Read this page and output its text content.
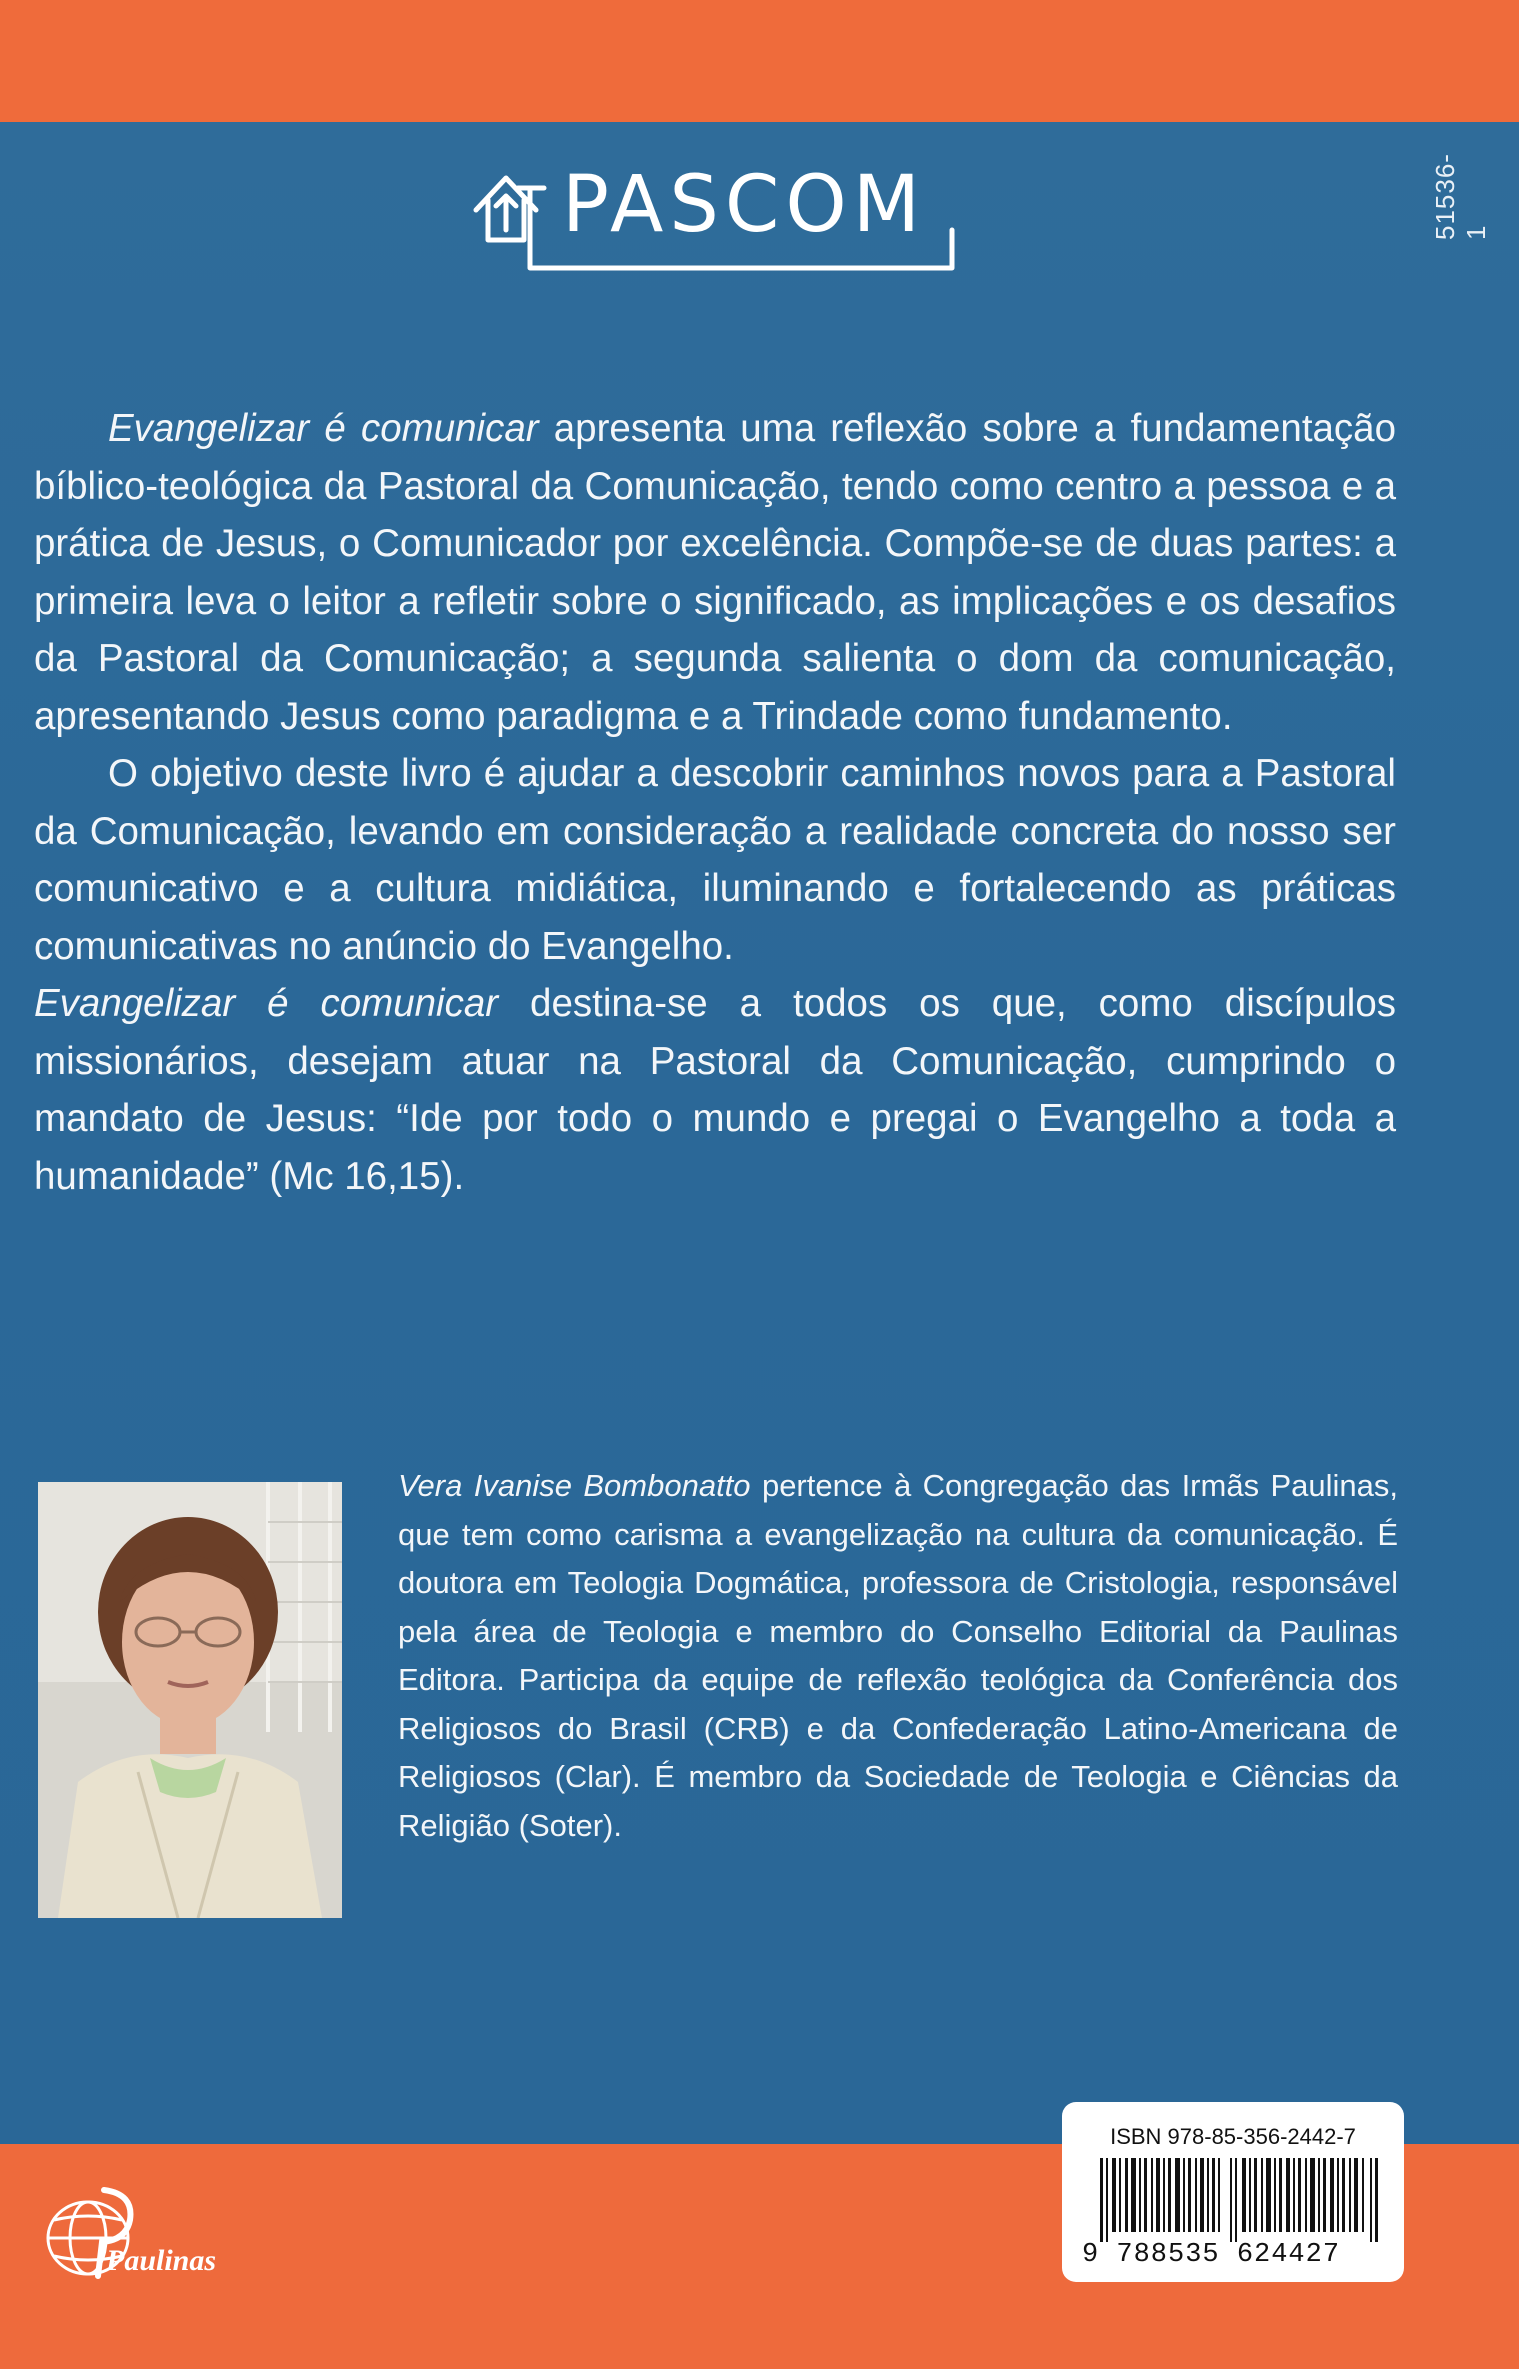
PASCOM	51536-1

Evangelizar é comunicar apresenta uma reflexão sobre a fundamentação bíblico-teológica da Pastoral da Comunicação, tendo como centro a pessoa e a prática de Jesus, o Comunicador por excelência. Compõe-se de duas partes: a primeira leva o leitor a refletir sobre o significado, as implicações e os desafios da Pastoral da Comunicação; a segunda salienta o dom da comunicação, apresentando Jesus como paradigma e a Trindade como fundamento.

O objetivo deste livro é ajudar a descobrir caminhos novos para a Pastoral da Comunicação, levando em consideração a realidade concreta do nosso ser comunicativo e a cultura midiática, iluminando e fortalecendo as práticas comunicativas no anúncio do Evangelho.

Evangelizar é comunicar destina-se a todos os que, como discípulos missionários, desejam atuar na Pastoral da Comunicação, cumprindo o mandato de Jesus: “Ide por todo o mundo e pregai o Evangelho a toda a humanidade” (Mc 16,15).

Vera Ivanise Bombonatto pertence à Congregação das Irmãs Paulinas, que tem como carisma a evangelização na cultura da comunicação. É doutora em Teologia Dogmática, professora de Cristologia, responsável pela área de Teologia e membro do Conselho Editorial da Paulinas Editora. Participa da equipe de reflexão teológica da Conferência dos Religiosos do Brasil (CRB) e da Confederação Latino-Americana de Religiosos (Clar). É membro da Sociedade de Teologia e Ciências da Religião (Soter).

Paulinas
ISBN 978-85-356-2442-7
9 788535 624427
